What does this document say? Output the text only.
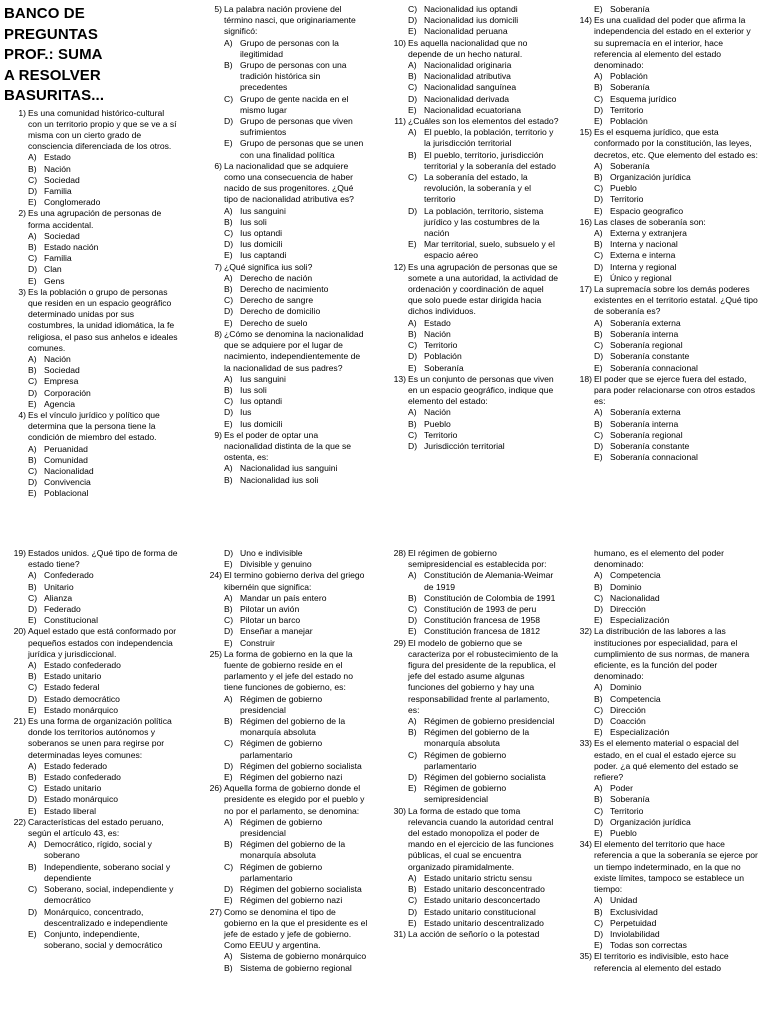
BANCO DE PREGUNTAS
PROF.: SUMA
A RESOLVER BASURITAS...
1) Es una comunidad histórico-cultural con un territorio propio y que se ve a sí misma con un cierto grado de consciencia diferenciada de los otros.
A) Estado
B) Nación
C) Sociedad
D) Familia
E) Conglomerado
2) Es una agrupación de personas de forma accidental.
A) Sociedad
B) Estado nación
C) Familia
D) Clan
E) Gens
3) Es la población o grupo de personas que residen en un espacio geográfico determinado unidas por sus costumbres, la unidad idiomática, la fe religiosa, el paso sus anhelos e ideales comunes.
A) Nación
B) Sociedad
C) Empresa
D) Corporación
E) Agencia
4) Es el vínculo jurídico y político que determina que la persona tiene la condición de miembro del estado.
A) Peruanidad
B) Comunidad
C) Nacionalidad
D) Convivencia
E) Poblacional
5) La palabra nación proviene del término nasci, que originariamente significó:
A) Grupo de personas con la ilegitimidad
B) Grupo de personas con una tradición histórica sin precedentes
C) Grupo de gente nacida en el mismo lugar
D) Grupo de personas que viven sufrimientos
E) Grupo de personas que se unen con una finalidad política
6) La nacionalidad que se adquiere como una consecuencia de haber nacido de sus progenitores. ¿Qué tipo de nacionalidad atributiva es?
A) Ius sanguini
B) Ius soli
C) Ius optandi
D) Ius domicili
E) Ius captandi
7) ¿Qué significa ius soli?
A) Derecho de nación
B) Derecho de nacimiento
C) Derecho de sangre
D) Derecho de domicilio
E) Derecho de suelo
8) ¿Cómo se denomina la nacionalidad que se adquiere por el lugar de nacimiento, independientemente de la nacionalidad de sus padres?
A) Ius sanguini
B) Ius soli
C) Ius optandi
D) Ius
E) Ius domicili
9) Es el poder de optar una nacionalidad distinta de la que se ostenta, es:
A) Nacionalidad ius sanguini
B) Nacionalidad ius soli
C) Nacionalidad ius optandi
D) Nacionalidad ius domicili
E) Nacionalidad peruana
10) Es aquella nacionalidad que no depende de un hecho natural.
A) Nacionalidad originaria
B) Nacionalidad atributiva
C) Nacionalidad sanguínea
D) Nacionalidad derivada
E) Nacionalidad ecuatoriana
11) ¿Cuáles son los elementos del estado?
A) El pueblo, la población, territorio y la jurisdicción territorial
B) El pueblo, territorio, jurisdicción territorial y la soberanía del estado
C) La soberanía del estado, la revolución, la soberanía y el territorio
D) La población, territorio, sistema jurídico y las costumbres de la nación
E) Mar territorial, suelo, subsuelo y el espacio aéreo
12) Es una agrupación de personas que se somete a una autoridad, la actividad de ordenación y coordinación de aquel que solo puede estar dirigida hacia dichos individuos.
A) Estado
B) Nación
C) Territorio
D) Población
E) Soberanía
13) Es un conjunto de personas que viven en un espacio geográfico, indique que elemento del estado:
A) Nación
B) Pueblo
C) Territorio
D) Jurisdicción territorial
E) Soberanía
14) Es una cualidad del poder que afirma la independencia del estado en el exterior y su supremacía en el interior, hace referencia al elemento del estado denominado:
A) Población
B) Soberanía
C) Esquema jurídico
D) Territorio
E) Población
15) Es el esquema jurídico, que esta conformado por la constitución, las leyes, decretos, etc. Que elemento del estado es:
A) Soberanía
B) Organización jurídica
C) Pueblo
D) Territorio
E) Espacio geografico
16) Las clases de soberanía son:
A) Externa y extranjera
B) Interna y nacional
C) Externa e interna
D) Interna y regional
E) Único y regional
17) La supremacía sobre los demás poderes existentes en el territorio estatal. ¿Qué tipo de soberanía es?
A) Soberanía externa
B) Soberanía interna
C) Soberanía regional
D) Soberanía constante
E) Soberanía connacional
18) El poder que se ejerce fuera del estado, para poder relacionarse con otros estados es:
A) Soberanía externa
B) Soberanía interna
C) Soberanía regional
D) Soberanía constante
E) Soberanía connacional
19) Estados unidos. ¿Qué tipo de forma de estado tiene?
A) Confederado
B) Unitario
C) Alianza
D) Federado
E) Constitucional
20) Aquel estado que está conformado por pequeños estados con independencia jurídica y jurisdiccional.
A) Estado confederado
B) Estado unitario
C) Estado federal
D) Estado democrático
E) Estado monárquico
21) Es una forma de organización política donde los territorios autónomos y soberanos se unen para regirse por determinadas leyes comunes:
A) Estado federado
B) Estado confederado
C) Estado unitario
D) Estado monárquico
E) Estado liberal
22) Características del estado peruano, según el artículo 43, es:
A) Democrático, rígido, social y soberano
B) Independiente, soberano social y dependiente
C) Soberano, social, independiente y democrático
D) Monárquico, concentrado, descentralizado e independiente
E) Conjunto, independiente, soberano, social y democrático
D) Uno e indivisible
E) Divisible y genuino
24) El termino gobierno deriva del griego kibernéin que significa:
A) Mandar un país entero
B) Pilotar un avión
C) Pilotar un barco
D) Enseñar a manejar
E) Construir
25) La forma de gobierno en la que la fuente de gobierno reside en el parlamento y el jefe del estado no tiene funciones de gobierno, es:
A) Régimen de gobierno presidencial
B) Régimen del gobierno de la monarquía absoluta
C) Régimen de gobierno parlamentario
D) Régimen del gobierno socialista
E) Régimen del gobierno nazi
26) Aquella forma de gobierno donde el presidente es elegido por el pueblo y no por el parlamento, se denomina:
A) Régimen de gobierno presidencial
B) Régimen del gobierno de la monarquía absoluta
C) Régimen de gobierno parlamentario
D) Régimen del gobierno socialista
E) Régimen del gobierno nazi
27) Como se denomina el tipo de gobierno en la que el presidente es el jefe de estado y jefe de gobierno. Como EEUU y argentina.
A) Sistema de gobierno monárquico
B) Sistema de gobierno regional
28) El régimen de gobierno semipresidencial es establecida por:
A) Constitución de Alemania-Weimar de 1919
B) Constitución de Colombia de 1991
C) Constitución de 1993 de peru
D) Constitución francesa de 1958
E) Constitución francesa de 1812
29) El modelo de gobierno que se caracteriza por el robustecimiento de la figura del presidente de la republica, el jefe del estado asume algunas funciones del gobierno y hay una responsabilidad frente al parlamento, es:
A) Régimen de gobierno presidencial
B) Régimen del gobierno de la monarquía absoluta
C) Régimen de gobierno parlamentario
D) Régimen del gobierno socialista
E) Régimen de gobierno semipresidencial
30) La forma de estado que toma relevancia cuando la autoridad central del estado monopoliza el poder de mando en el ejercicio de las funciones públicas, el cual se encuentra organizado piramidalmente.
A) Estado unitario strictu sensu
B) Estado unitario desconcentrado
C) Estado unitario desconcertado
D) Estado unitario constitucional
E) Estado unitario descentralizado
31) La acción de señorío o la potestad
humano, es el elemento del poder denominado:
A) Competencia
B) Dominio
C) Nacionalidad
D) Dirección
E) Especialización
32) La distribución de las labores a las instituciones por especialidad, para el cumplimiento de sus normas, de manera eficiente, es la función del poder denominado:
A) Dominio
B) Competencia
C) Dirección
D) Coacción
E) Especialización
33) Es el elemento material o espacial del estado, en el cual el estado ejerce su poder. ¿a qué elemento del estado se refiere?
A) Poder
B) Soberanía
C) Territorio
D) Organización jurídica
E) Pueblo
34) El elemento del territorio que hace referencia a que la soberanía se ejerce por un tiempo indeterminado, en la que no existe límites, tampoco se establece un tiempo:
A) Unidad
B) Exclusividad
C) Perpetuidad
D) Inviolabilidad
E) Todas son correctas
35) El territorio es indivisible, esto hace referencia al elemento del estado
